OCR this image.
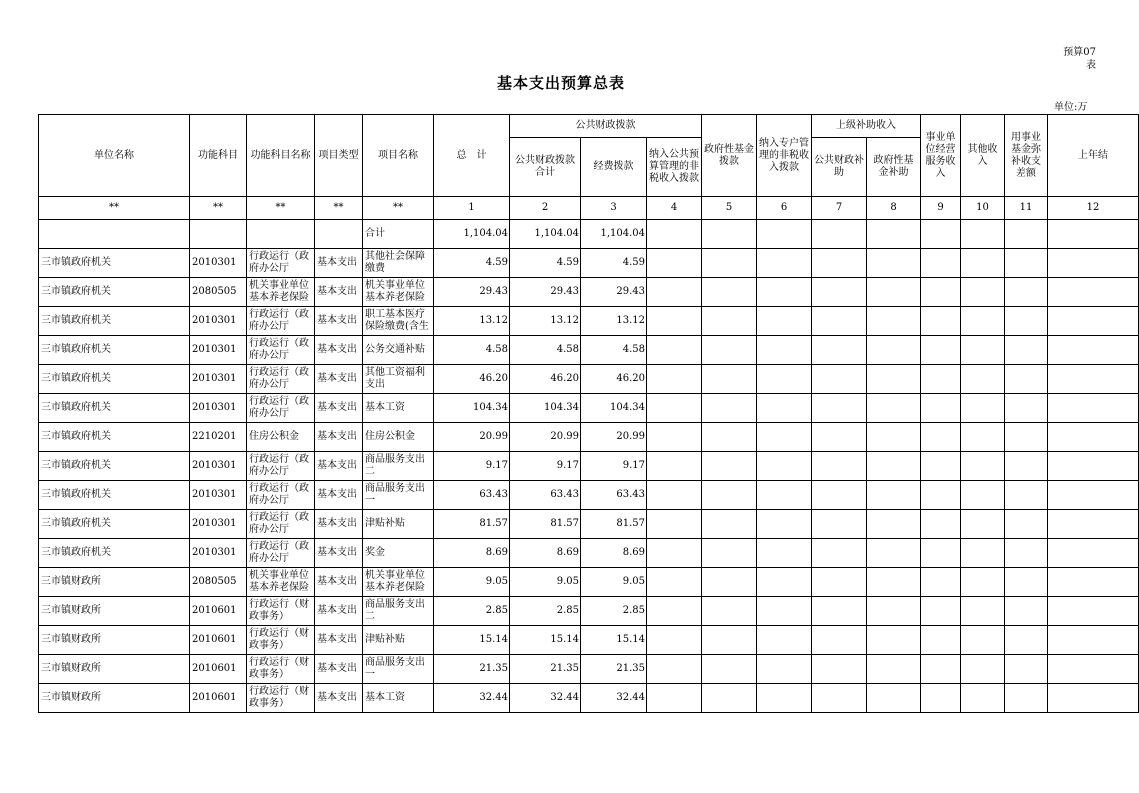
预算07
表
基本支出预算总表
单位:万
单位名称	功能科目	功能科目名称	项目类型	项目名称	总　计	公共财政拨款			政府性基金拨款	纳入专户管理的非税收入拨款	上级补助收入		事业单位经营服务收入	其他收入	用事业基金弥补收支差额	上年结
						公共财政拨款合计	经费拨款	纳入公共预算管理的非税收入拨款			公共财政补助	政府性基金补助				
**	**	**	**	**	1	2	3	4	5	6	7	8	9	10	11	12
				合计	1,104.04	1,104.04	1,104.04									
三市镇政府机关	2010301	行政运行（政府办公厅	基本支出	其他社会保障缴费	4.59	4.59	4.59									
三市镇政府机关	2080505	机关事业单位基本养老保险	基本支出	机关事业单位基本养老保险	29.43	29.43	29.43									
三市镇政府机关	2010301	行政运行（政府办公厅	基本支出	职工基本医疗保险缴费(含生	13.12	13.12	13.12									
三市镇政府机关	2010301	行政运行（政府办公厅	基本支出	公务交通补贴	4.58	4.58	4.58									
三市镇政府机关	2010301	行政运行（政府办公厅	基本支出	其他工资福利支出	46.20	46.20	46.20									
三市镇政府机关	2010301	行政运行（政府办公厅	基本支出	基本工资	104.34	104.34	104.34									
三市镇政府机关	2210201	住房公积金	基本支出	住房公积金	20.99	20.99	20.99									
三市镇政府机关	2010301	行政运行（政府办公厅	基本支出	商品服务支出二	9.17	9.17	9.17									
三市镇政府机关	2010301	行政运行（政府办公厅	基本支出	商品服务支出一	63.43	63.43	63.43									
三市镇政府机关	2010301	行政运行（政府办公厅	基本支出	津贴补贴	81.57	81.57	81.57									
三市镇政府机关	2010301	行政运行（政府办公厅	基本支出	奖金	8.69	8.69	8.69									
三市镇财政所	2080505	机关事业单位基本养老保险	基本支出	机关事业单位基本养老保险	9.05	9.05	9.05									
三市镇财政所	2010601	行政运行（财政事务）	基本支出	商品服务支出二	2.85	2.85	2.85									
三市镇财政所	2010601	行政运行（财政事务）	基本支出	津贴补贴	15.14	15.14	15.14									
三市镇财政所	2010601	行政运行（财政事务）	基本支出	商品服务支出一	21.35	21.35	21.35									
三市镇财政所	2010601	行政运行（财政事务）	基本支出	基本工资	32.44	32.44	32.44									
